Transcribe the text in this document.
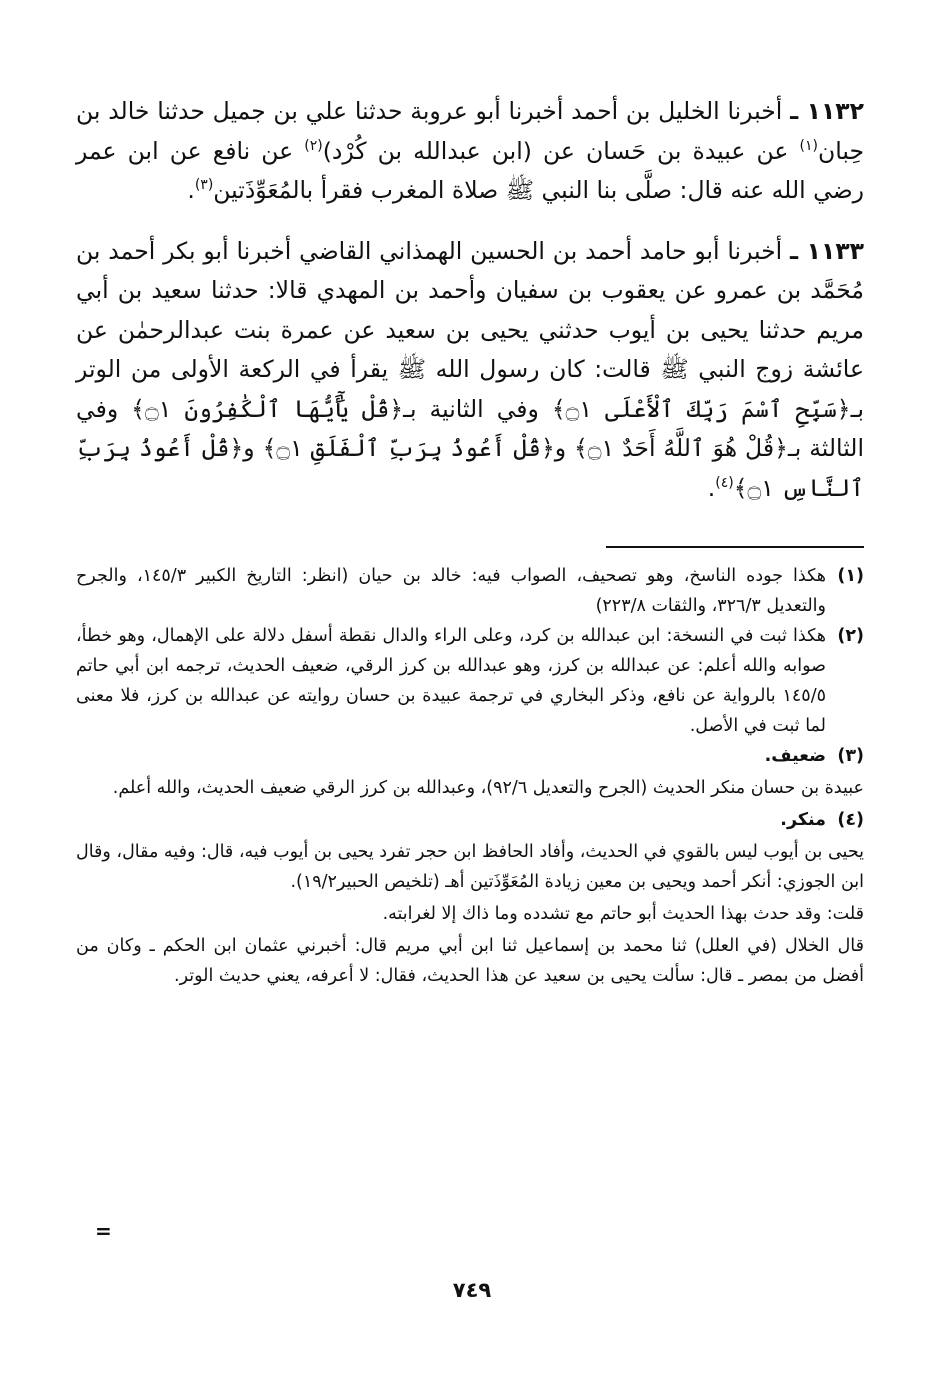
١١٣٢ ـ أخبرنا الخليل بن أحمد أخبرنا أبو عروبة حدثنا علي بن جميل حدثنا خالد بن حِبان$^{(١)}$ عن عبيدة بن حَسان عن (ابن عبدالله بن كُرْد)$^{(٢)}$ عن نافع عن ابن عمر رضي الله عنه قال: صلَّى بنا النبي ﷺ صلاة المغرب فقرأ بالمُعَوِّذَتين$^{(٣)}$.

١١٣٣ ـ أخبرنا أبو حامد أحمد بن الحسين الهمذاني القاضي أخبرنا أبو بكر أحمد بن مُحَمَّد بن عمرو عن يعقوب بن سفيان وأحمد بن المهدي قالا: حدثنا سعيد بن أبي مريم حدثنا يحيى بن أيوب حدثني يحيى بن سعيد عن عمرة بنت عبدالرحمٰن عن عائشة زوج النبي ﷺ قالت: كان رسول الله ﷺ يقرأ في الركعة الأولى من الوتر بـ﴿سَبِّحِ ٱسْمَ رَبِّكَ ٱلْأَعْلَى ۝١﴾ وفي الثانية بـ﴿قُلْ يَٰٓأَيُّهَا ٱلْكَٰفِرُونَ ۝١﴾ وفي الثالثة بـ﴿قُلْ هُوَ ٱللَّهُ أَحَدٌ ۝١﴾ و﴿قُلْ أَعُوذُ بِرَبِّ ٱلْفَلَقِ ۝١﴾ و﴿قُلْ أَعُوذُ بِرَبِّ ٱلنَّاسِ ۝١﴾$^{(٤)}$.

(١)
هكذا جوده الناسخ، وهو تصحيف، الصواب فيه: خالد بن حيان (انظر: التاريخ الكبير ١٤٥/٣، والجرح والتعديل ٣٢٦/٣، والثقات ٢٢٣/٨)
(٢)
هكذا ثبت في النسخة: ابن عبدالله بن كرد، وعلى الراء والدال نقطة أسفل دلالة على الإهمال، وهو خطأ، صوابه والله أعلم: عن عبدالله بن كرز، وهو عبدالله بن كرز الرقي، ضعيف الحديث، ترجمه ابن أبي حاتم ١٤٥/٥ بالرواية عن نافع، وذكر البخاري في ترجمة عبيدة بن حسان روايته عن عبدالله بن كرز، فلا معنى لما ثبت في الأصل.
(٣)
ضعيف.
عبيدة بن حسان منكر الحديث (الجرح والتعديل ٩٢/٦)، وعبدالله بن كرز الرقي ضعيف الحديث، والله أعلم.
(٤)
منكر.
يحيى بن أيوب ليس بالقوي في الحديث، وأفاد الحافظ ابن حجر تفرد يحيى بن أيوب فيه، قال: وفيه مقال، وقال ابن الجوزي: أنكر أحمد ويحيى بن معين زيادة المُعَوِّذَتين أهـ (تلخيص الحبير١٩/٢).
قلت: وقد حدث بهذا الحديث أبو حاتم مع تشدده وما ذاك إلا لغرابته.
قال الخلال (في العلل) ثنا محمد بن إسماعيل ثنا ابن أبي مريم قال: أخبرني عثمان ابن الحكم ـ وكان من أفضل من بمصر ـ قال: سألت يحيى بن سعيد عن هذا الحديث، فقال: لا أعرفه، يعني حديث الوتر.
=
٧٤٩
